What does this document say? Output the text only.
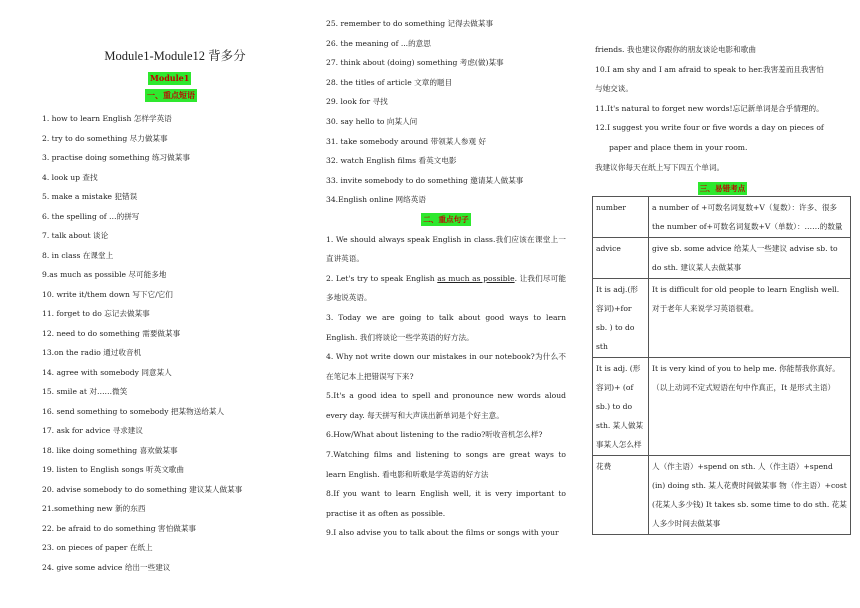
Module1-Module12 背多分
Module1
一、重点短语
1. how to learn English 怎样学英语
2. try to do something 尽力做某事
3. practise doing something 练习做某事
4. look up 查找
5. make a mistake 犯错误
6. the spelling of …的拼写
7. talk about 谈论
8. in class 在课堂上
9.as much as possible 尽可能多地
10. write it/them down 写下它/它们
11. forget to do 忘记去做某事
12. need to do something 需要做某事
13.on the radio 通过收音机
14. agree with somebody 同意某人
15. smile at 对……微笑
16. send something to somebody 把某物送给某人
17. ask for advice 寻求建议
18. like doing something 喜欢做某事
19. listen to English songs 听英文歌曲
20. advise somebody to do something 建议某人做某事
21.something new 新的东西
22. be afraid to do something 害怕做某事
23. on pieces of paper 在纸上
24. give some advice 给出一些建议
25. remember to do something 记得去做某事
26. the meaning of ...的意思
27. think about (doing) something 考虑(做)某事
28. the titles of article 文章的题目
29. look for 寻找
30. say hello to 向某人问
31. take somebody around 带领某人参观 好
32. watch English films 看英文电影
33. invite somebody to do something 邀请某人做某事
34.English online 网络英语
二、重点句子

1. We should always speak English in class.我们应该在课堂上一直讲英语。

2. Let's try to speak English as much as possible. 让我们尽可能多地说英语。

3. Today we are going to talk about good ways to learn English. 我们将谈论一些学英语的好方法。

4. Why not write down our mistakes in our notebook?为什么不在笔记本上把错误写下来?

5.It's a good idea to spell and pronounce new words aloud every day. 每天拼写和大声读出新单词是个好主意。

6.How/What about listening to the radio?听收音机怎么样?

7.Watching films and listening to songs are great ways to learn English. 看电影和听歌是学英语的好方法

8.If you want to learn English well, it is very important to practise it as often as possible.

9.I also advise you to talk about the films or songs with your

friends. 我也建议你跟你的朋友谈论电影和歌曲
10.I am shy and I am afraid to speak to her.我害羞而且我害怕
与她交谈。
11.It's natural to forget new words!忘记新单词是合乎情理的。
12.I suggest you write four or five words a day on pieces of
paper and place them in your room.
我建议你每天在纸上写下四五个单词。
三、易错考点
number	a number of +可数名词复数+V（复数）：许多、很多 the number of+可数名词复数+V（单数）：……的数量
advice	give sb. some advice 给某人一些建议 advise sb. to do sth. 建议某人去做某事
It is adj.(形容词)+for sb. ) to do sth	It is difficult for old people to learn English well. 对于老年人来说学习英语很难。
It is adj. (形容词)+ (of sb.) to do sth. 某人做某事某人怎么样	It is very kind of you to help me. 你能帮我你真好。（以上动词不定式短语在句中作真正，It 是形式主语）
花费	人（作主语）+spend on sth. 人（作主语）+spend (in) doing sth. 某人花费时间做某事 物（作主语）+cost (花某人多少钱) It takes sb. some time to do sth. 花某人多少时间去做某事
